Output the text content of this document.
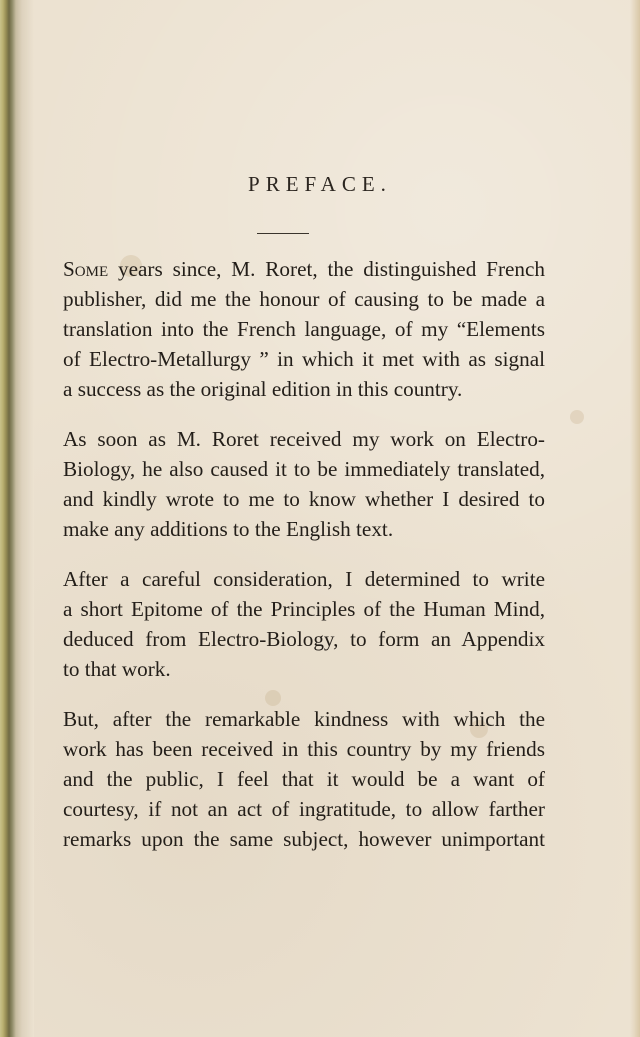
PREFACE.
Some years since, M. Roret, the distinguished French
publisher, did me the honour of causing to be made a
translation into the French language, of my “Elements
of Electro-Metallurgy ” in which it met with as signal
a success as the original edition in this country.
As soon as M. Roret received my work on Electro-
Biology, he also caused it to be immediately translated,
and kindly wrote to me to know whether I desired to
make any additions to the English text.
After a careful consideration, I determined to write
a short Epitome of the Principles of the Human Mind,
deduced from Electro-Biology, to form an Appendix
to that work.
But, after the remarkable kindness with which the
work has been received in this country by my friends
and the public, I feel that it would be a want of
courtesy, if not an act of ingratitude, to allow farther
remarks upon the same subject, however unimportant
